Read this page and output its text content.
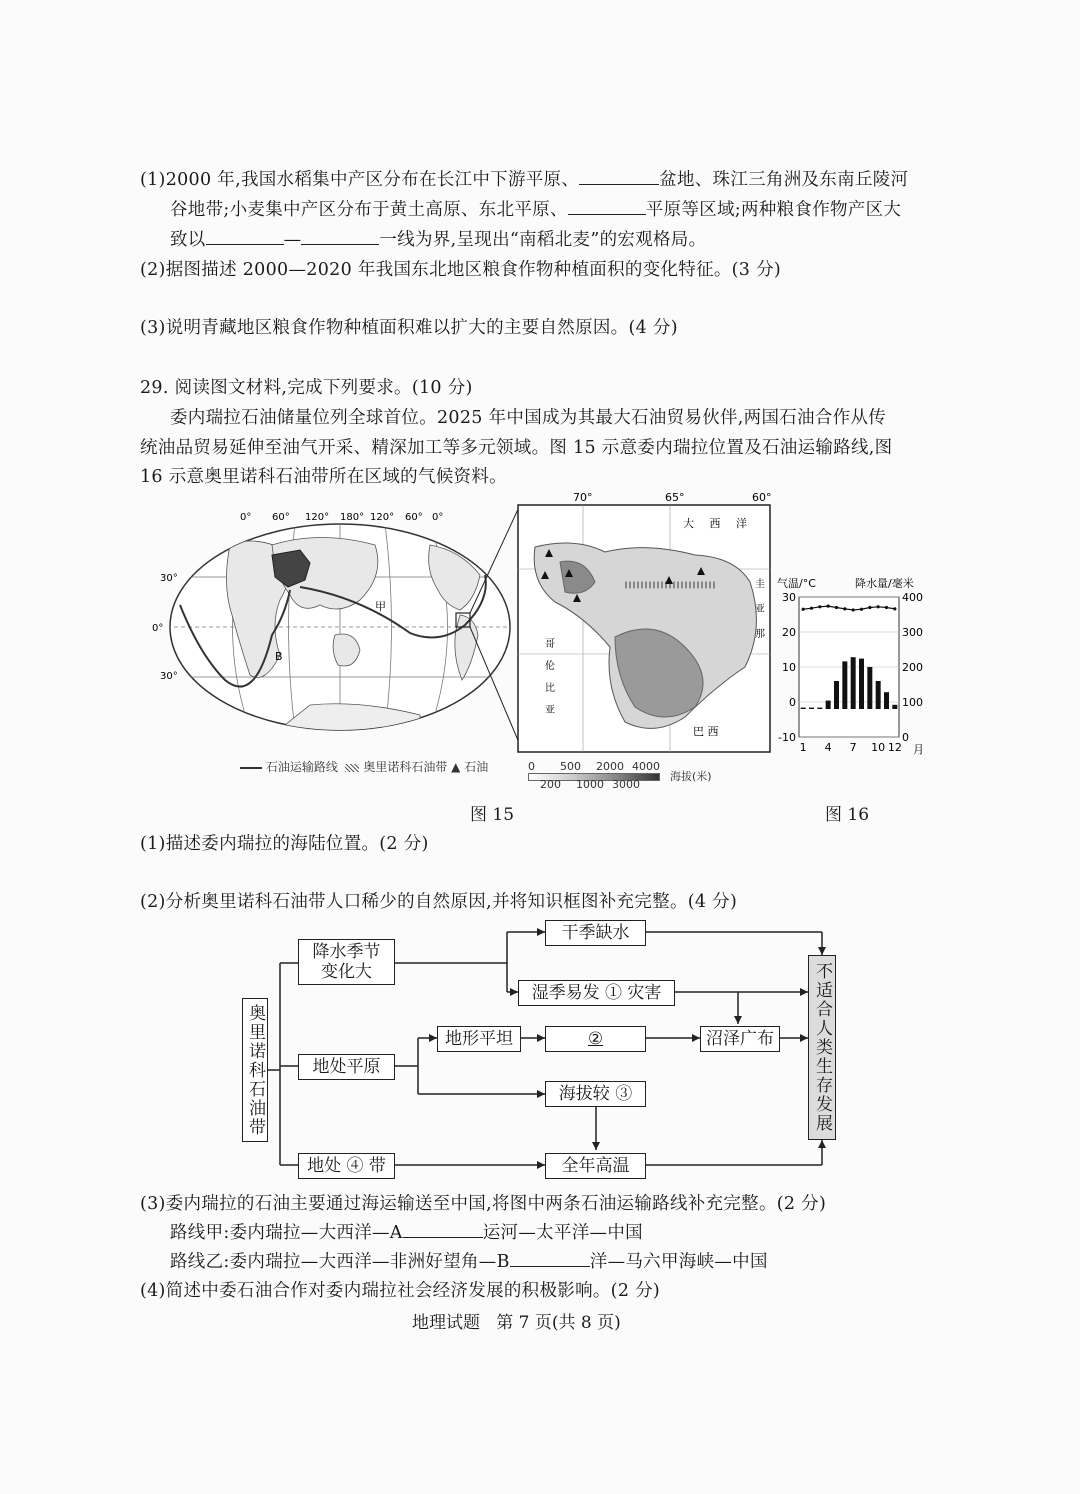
(1)2000 年,我国水稻集中产区分布在长江中下游平原、	盆地、珠江三角洲及东南丘陵河
谷地带;小麦集中产区分布于黄土高原、东北平原、	平原等区域;两种粮食作物产区大
致以	—	一线为界,呈现出“南稻北麦”的宏观格局。
(2)据图描述 2000—2020 年我国东北地区粮食作物种植面积的变化特征。(3 分)
(3)说明青藏地区粮食作物种植面积难以扩大的主要自然原因。(4 分)
29. 阅读图文材料,完成下列要求。(10 分)
委内瑞拉石油储量位列全球首位。2025 年中国成为其最大石油贸易伙伴,两国石油合作从传
统油品贸易延伸至油气开采、精深加工等多元领域。图 15 示意委内瑞拉位置及石油运输路线,图
16 示意奥里诺科石油带所在区域的气候资料。
0° 60° 120° 180° 120° 60° 0°
30°
0°
30°
甲
B
70°	65°	60°
大 西 洋
哥
伦
比
亚
圭
亚
那
巴 西
气温/°C	降水量/毫米
30
20
10
0
-10
400
300
200
100
0
1 4 7 10 12 月
石油运输路线 奥里诺科石油带 ▲ 石油	0 500 2000 4000
200 1000 3000
海拔(米)
图 15	图 16
(1)描述委内瑞拉的海陆位置。(2 分)
(2)分析奥里诺科石油带人口稀少的自然原因,并将知识框图补充完整。(4 分)
奥里诺科石油带
降水季节变化大
地处平原
地处 ④ 带
干季缺水
湿季易发 ① 灾害
地形平坦	②	沼泽广布
海拔较 ③
全年高温
不适合人类生存发展
(3)委内瑞拉的石油主要通过海运输送至中国,将图中两条石油运输路线补充完整。(2 分)
路线甲:委内瑞拉—大西洋—A	运河—太平洋—中国
路线乙:委内瑞拉—大西洋—非洲好望角—B	洋—马六甲海峡—中国
(4)简述中委石油合作对委内瑞拉社会经济发展的积极影响。(2 分)
地理试题   第 7 页(共 8 页)
